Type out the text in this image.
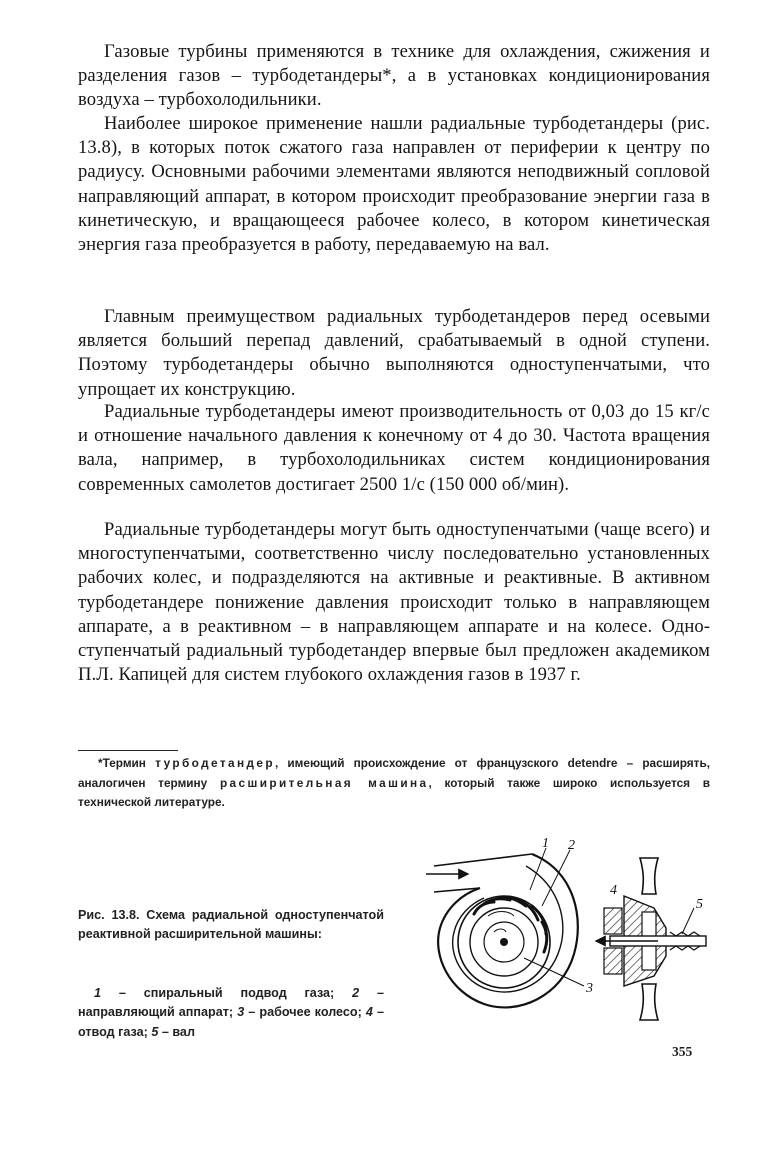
Газовые турбины применяются в технике для охлаждения, сжижения и разделения газов – турбодетандеры*, а в установках кондиционирования воздуха – турбохолодильники.

Наиболее широкое применение нашли радиальные турбодетандеры (рис. 13.8), в которых поток сжатого газа направлен от периферии к центру по радиусу. Основными рабочими элементами являются неподвижный сопловой направляющий аппарат, в котором происходит преобразование энергии газа в кинетическую, и вращающееся рабочее колесо, в котором кинетическая энергия газа преобразуется в работу, передаваемую на вал.

Главным преимуществом радиальных турбодетандеров перед осевыми является больший перепад давлений, срабатываемый в одной ступени. Поэтому турбодетандеры обычно выполняются одноступенчатыми, что упрощает их конструкцию.

Радиальные турбодетандеры имеют производительность от 0,03 до 15 кг/с и отношение начального давления к конечному от 4 до 30. Частота вращения вала, например, в турбохолодильниках систем кондиционирования современных самолетов достигает 2500 1/с (150 000 об/мин).

Радиальные турбодетандеры могут быть одноступенчатыми (чаще всего) и многоступенчатыми, соответственно числу последовательно установленных рабочих колес, и подразделяются на активные и реактивные. В активном турбодетандере понижение давления происходит только в направляющем аппарате, а в реактивном – в направляющем аппарате и на колесе. Одноступенчатый радиальный турбодетандер впервые был предложен академиком П.Л. Капицей для систем глубокого охлаждения газов в 1937 г.

*Термин турбодетандер, имеющий происхождение от французского detendre – расширять, аналогичен термину расширительная машина, который также широко используется в технической литературе.

Рис. 13.8. Схема радиальной одноступенчатой реактивной расширительной машины:

1 – спиральный подвод газа; 2 – направляющий аппарат; 3 – рабочее колесо; 4 – отвод газа; 5 – вал

1 2
3
4
5
355
